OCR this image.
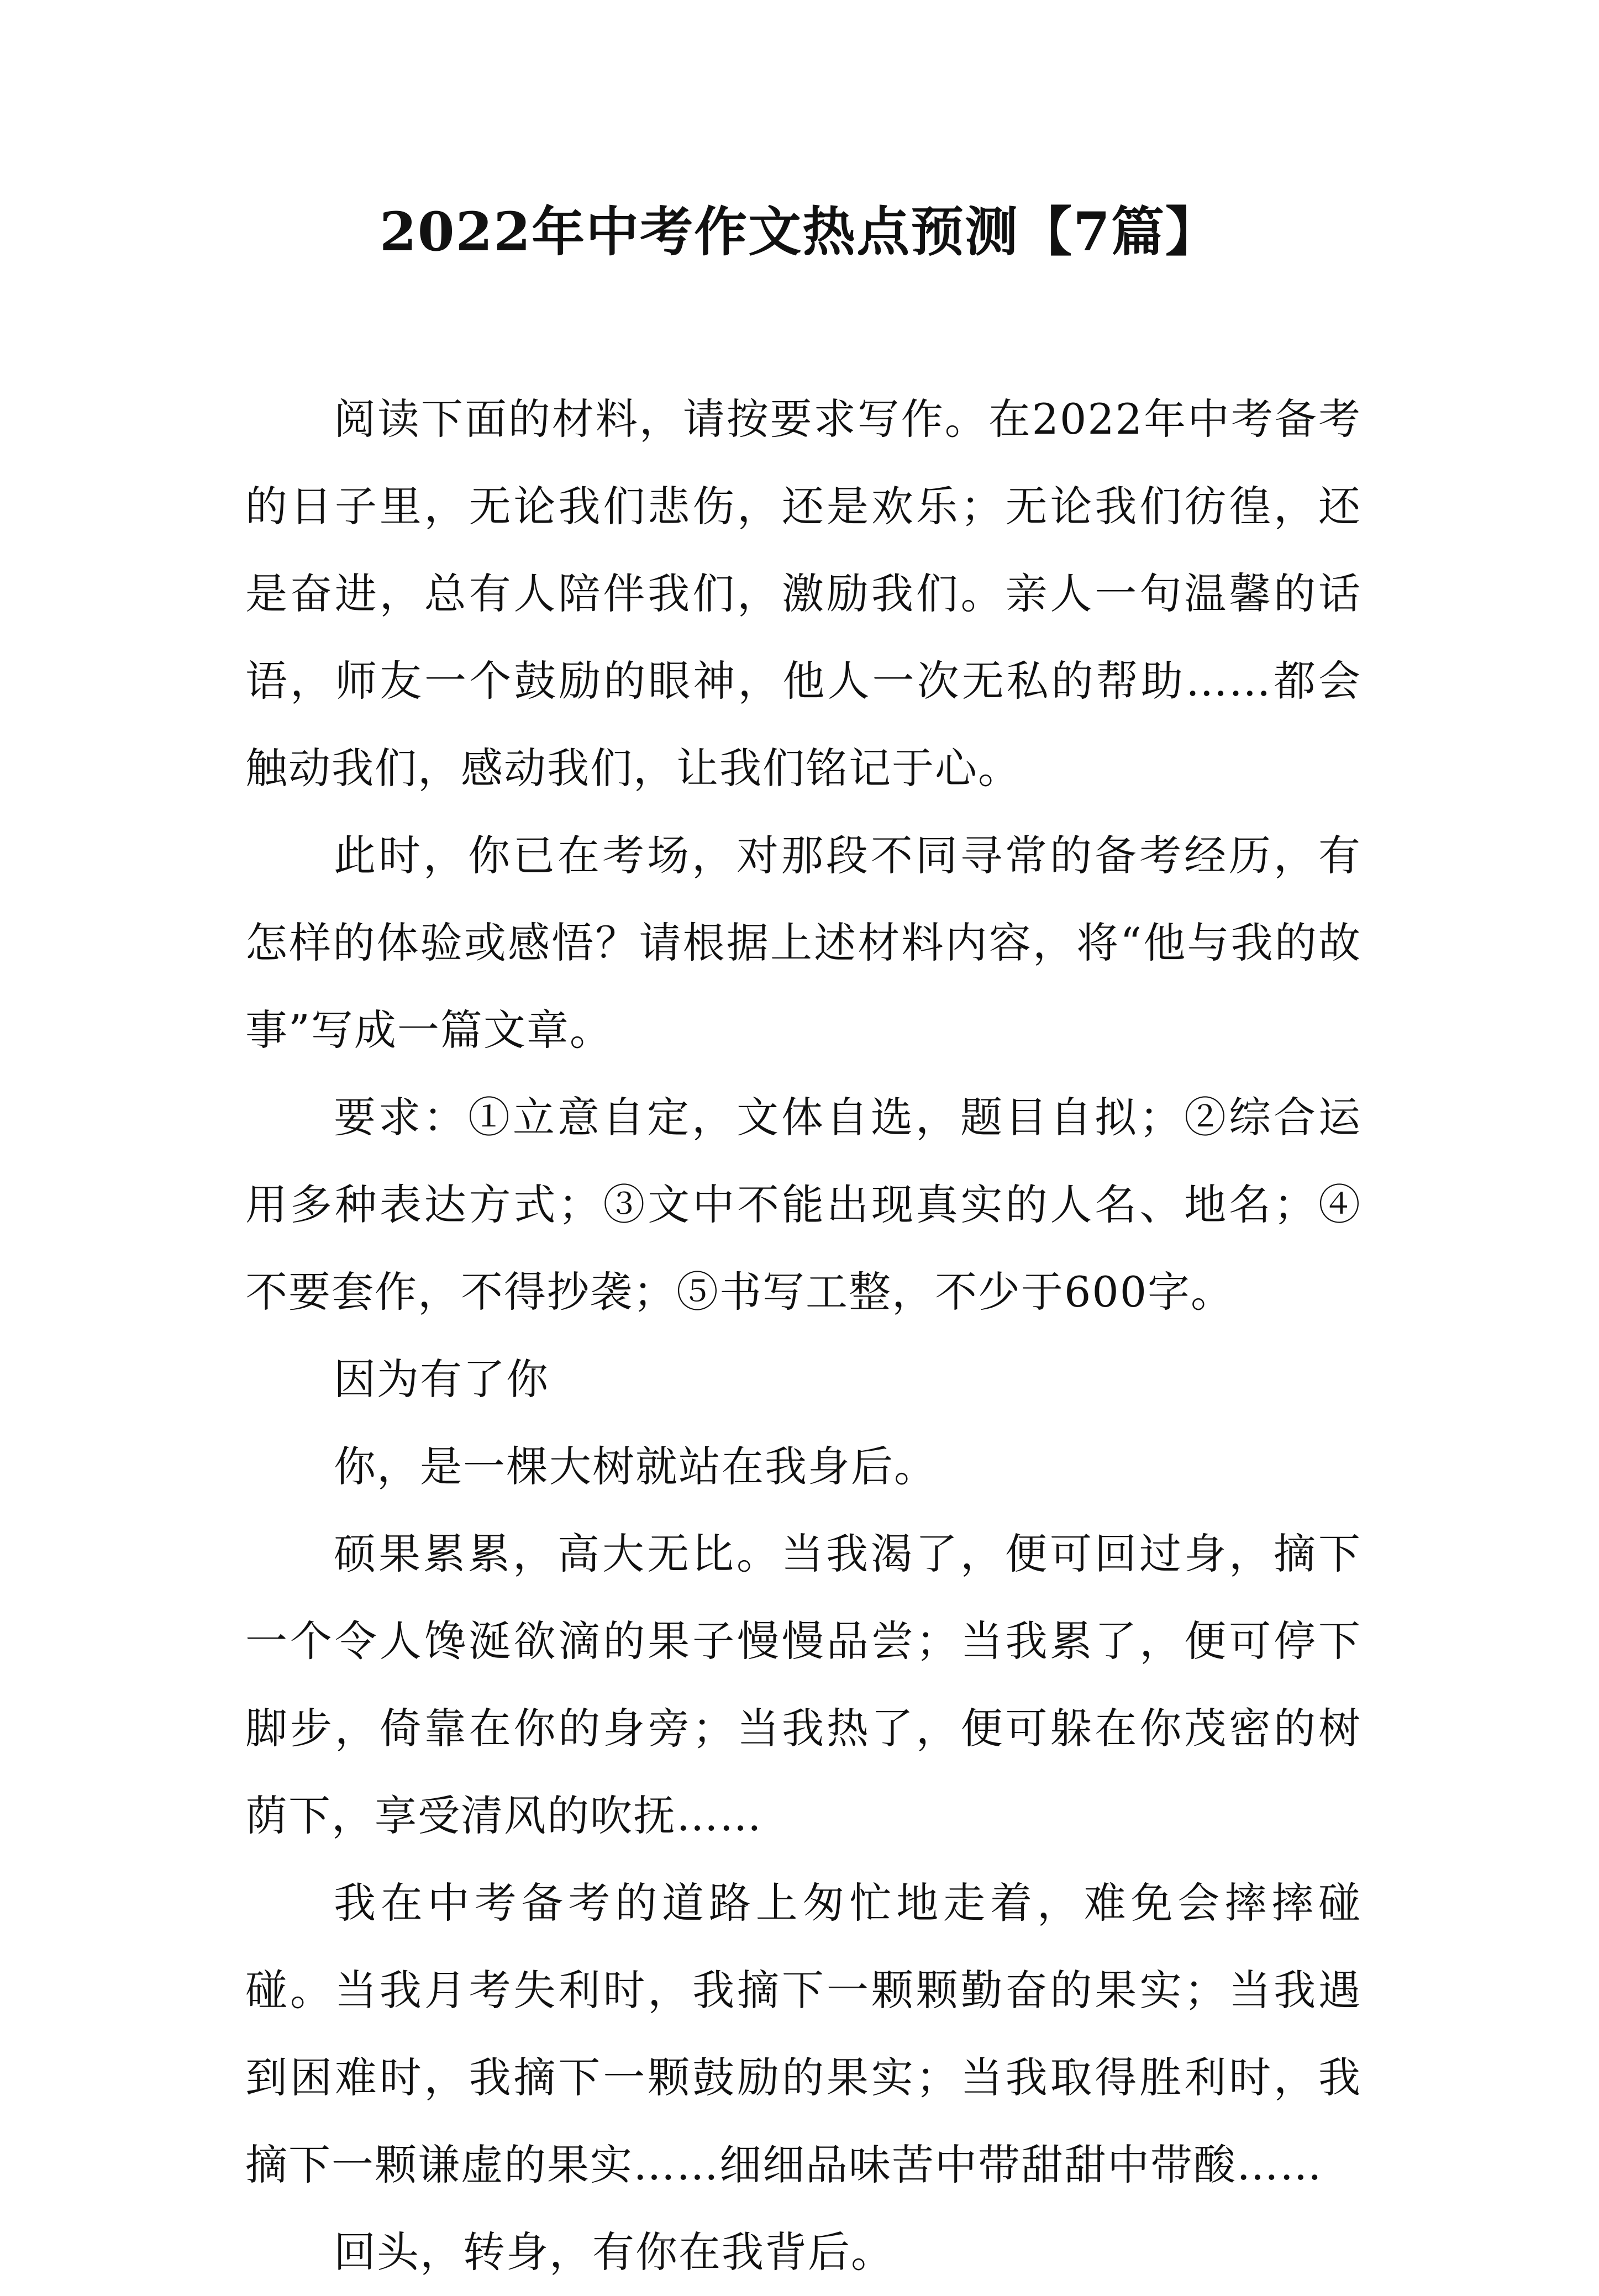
2022年中考作文热点预测【7篇】

阅读下面的材料，请按要求写作。在2022年中考备考的日子里，无论我们悲伤，还是欢乐；无论我们彷徨，还是奋进，总有人陪伴我们，激励我们。亲人一句温馨的话语，师友一个鼓励的眼神，他人一次无私的帮助……都会触动我们，感动我们，让我们铭记于心。

此时，你已在考场，对那段不同寻常的备考经历，有怎样的体验或感悟？请根据上述材料内容，将“他与我的故事”写成一篇文章。

要求：①立意自定，文体自选，题目自拟；②综合运用多种表达方式；③文中不能出现真实的人名、地名；④不要套作，不得抄袭；⑤书写工整，不少于600字。

因为有了你

你，是一棵大树就站在我身后。

硕果累累，高大无比。当我渴了，便可回过身，摘下一个令人馋涎欲滴的果子慢慢品尝；当我累了，便可停下脚步，倚靠在你的身旁；当我热了，便可躲在你茂密的树荫下，享受清风的吹抚……

我在中考备考的道路上匆忙地走着，难免会摔摔碰碰。当我月考失利时，我摘下一颗颗勤奋的果实；当我遇到困难时，我摘下一颗鼓励的果实；当我取得胜利时，我摘下一颗谦虚的果实……细细品味苦中带甜甜中带酸……

回头，转身，有你在我背后。
